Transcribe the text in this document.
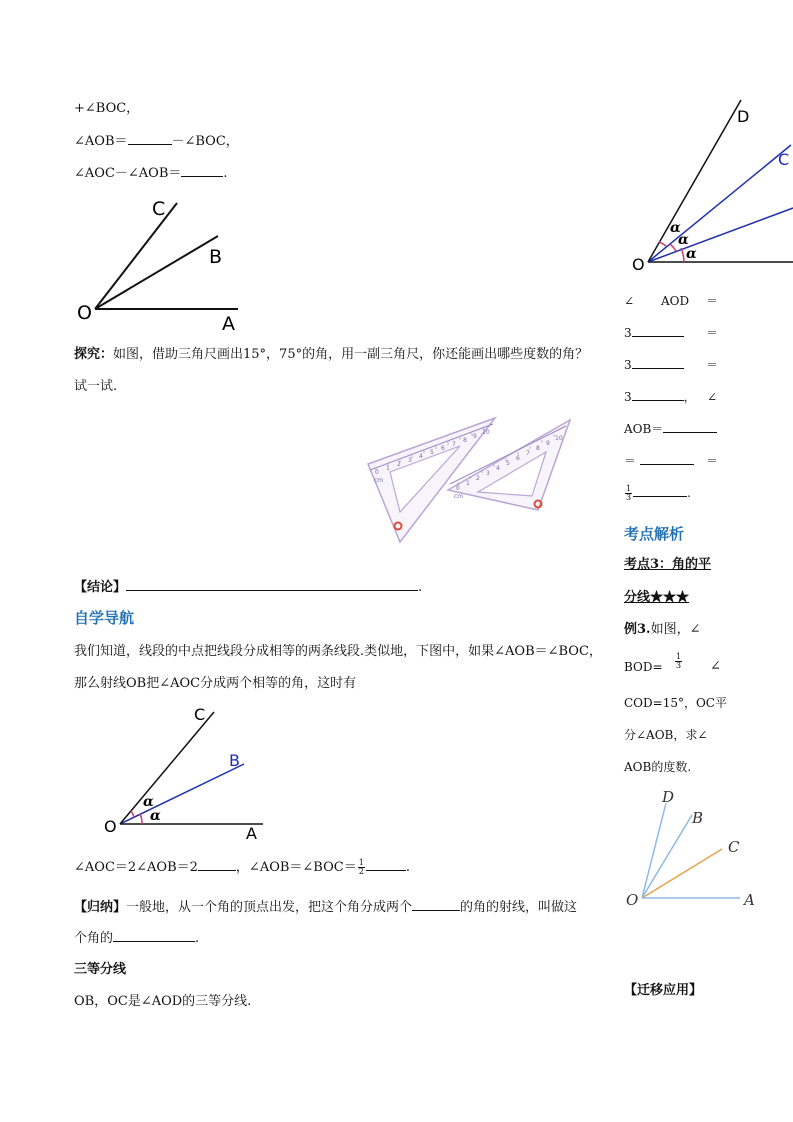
+∠BOC，
∠AOB＝	－∠BOC，
∠AOC－∠AOB＝	.
C
B
O	A
探究：如图，借助三角尺画出15°，75°的角，用一副三角尺，你还能画出哪些度数的角？
试一试.
0
1
2
3
4
5
6
7
8
9
10
cm
0
1
2
3
4
5
6
7
8
9
10
cm
【结论】	.
自学导航
我们知道，线段的中点把线段分成相等的两条线段.类似地，下图中，如果∠AOB＝∠BOC，
那么射线OB把∠AOC分成两个相等的角，这时有
C
B
O	A
α
α
∠AOC＝2∠AOB＝2	，∠AOB＝∠BOC＝ $\frac{1}{2}$	.
【归纳】一般地，从一个角的顶点出发，把这个角分成两个	的角的射线，叫做这
个角的	.
三等分线
OB，OC是∠AOD的三等分线.
D
C
O
α
α
α
∠ AOD ＝
3	＝
3	＝
3	， ∠
AOB＝
＝	＝
$\frac{1}{3}$	.
考点解析
考点3：角的平
分线★★★
例3.如图，∠
$BOD= \frac{1}{3}$ ∠
COD=15°，OC平
分∠AOB，求∠
AOB的度数.
D
B
C
O	A
【迁移应用】
